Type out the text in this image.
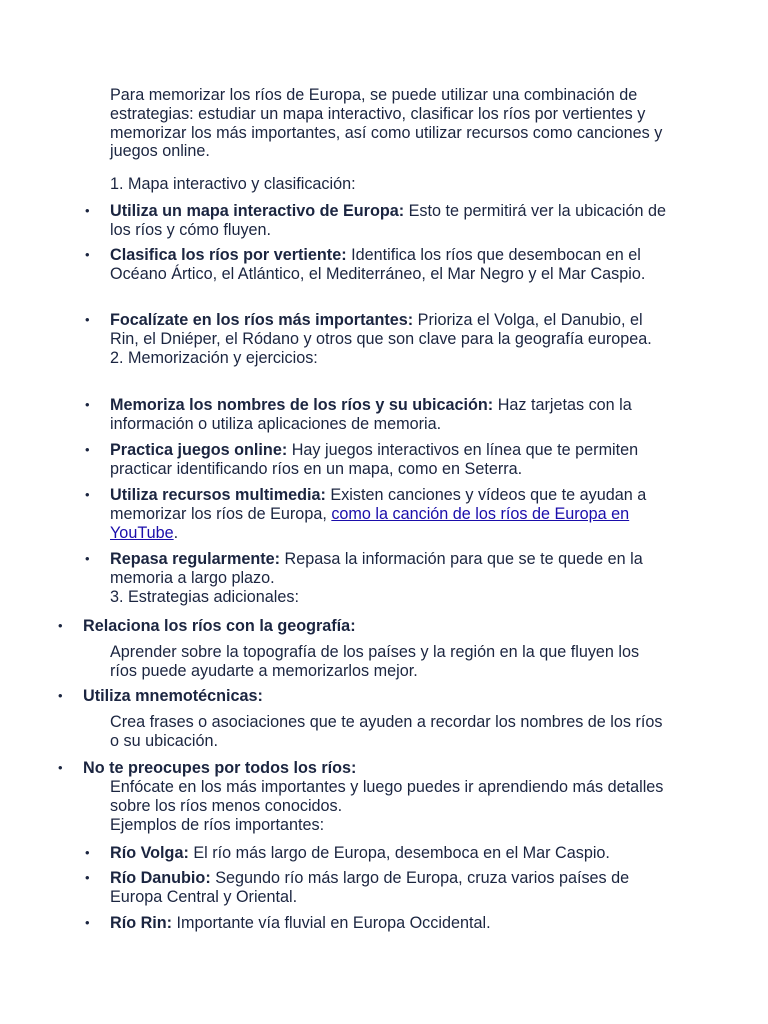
Para memorizar los ríos de Europa, se puede utilizar una combinación de estrategias: estudiar un mapa interactivo, clasificar los ríos por vertientes y memorizar los más importantes, así como utilizar recursos como canciones y juegos online.

1. Mapa interactivo y clasificación:

• Utiliza un mapa interactivo de Europa: Esto te permitirá ver la ubicación de los ríos y cómo fluyen.

• Clasifica los ríos por vertiente: Identifica los ríos que desembocan en el Océano Ártico, el Atlántico, el Mediterráneo, el Mar Negro y el Mar Caspio.

• Focalízate en los ríos más importantes: Prioriza el Volga, el Danubio, el Rin, el Dniéper, el Ródano y otros que son clave para la geografía europea.

2. Memorización y ejercicios:

• Memoriza los nombres de los ríos y su ubicación: Haz tarjetas con la información o utiliza aplicaciones de memoria.

• Practica juegos online: Hay juegos interactivos en línea que te permiten practicar identificando ríos en un mapa, como en Seterra.

• Utiliza recursos multimedia: Existen canciones y vídeos que te ayudan a memorizar los ríos de Europa, como la canción de los ríos de Europa en YouTube.

• Repasa regularmente: Repasa la información para que se te quede en la memoria a largo plazo.

3. Estrategias adicionales:

• Relaciona los ríos con la geografía:

Aprender sobre la topografía de los países y la región en la que fluyen los ríos puede ayudarte a memorizarlos mejor.

• Utiliza mnemotécnicas:

Crea frases o asociaciones que te ayuden a recordar los nombres de los ríos o su ubicación.

• No te preocupes por todos los ríos:

Enfócate en los más importantes y luego puedes ir aprendiendo más detalles sobre los ríos menos conocidos.

Ejemplos de ríos importantes:

• Río Volga: El río más largo de Europa, desemboca en el Mar Caspio.

• Río Danubio: Segundo río más largo de Europa, cruza varios países de Europa Central y Oriental.

• Río Rin: Importante vía fluvial en Europa Occidental.
